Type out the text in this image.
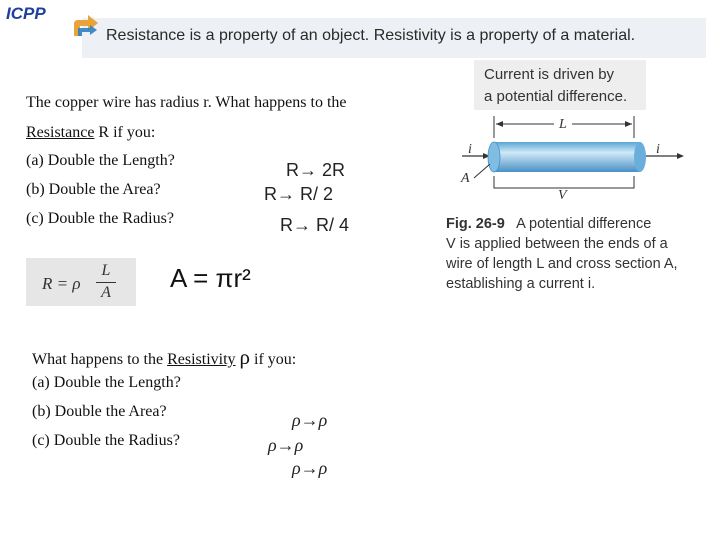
ICPP
Resistance is a property of an object. Resistivity is a property of a material.
Current is driven by
a potential difference.
The copper wire has radius r. What happens to the
Resistance R if you:
(a) Double the Length?
(b) Double the Area?
(c) Double the Radius?
R→ 2R
R→ R/ 2
R→ R/ 4
R = ρ
L
A A = πr²
What happens to the Resistivity ρ if you:
(a) Double the Length?
(b) Double the Area?
(c) Double the Radius?
ρ→ρ
ρ→ρ
ρ→ρ
L
i	i
A
V
Fig. 26-9 A potential difference
V is applied between the ends of a
wire of length L and cross section A,
establishing a current i.
